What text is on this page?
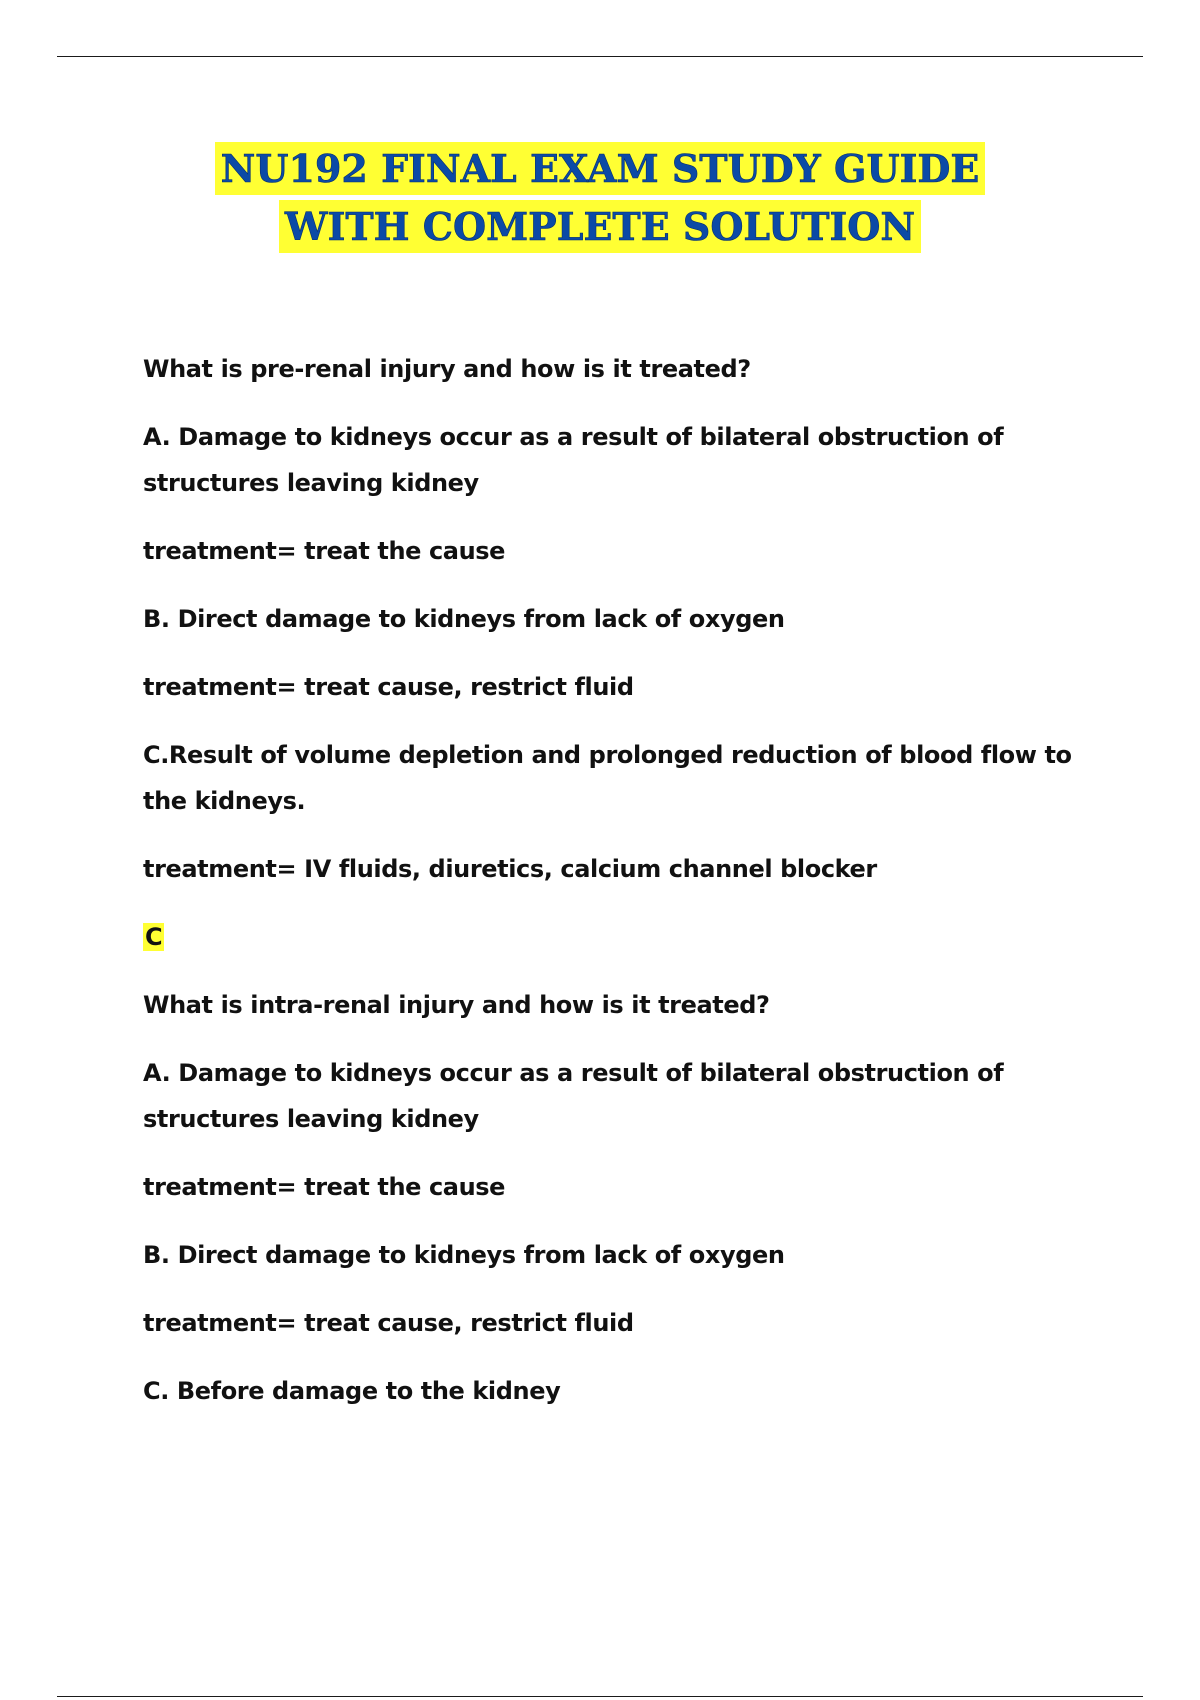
NU192 FINAL EXAM STUDY GUIDE
WITH COMPLETE SOLUTION

What is pre-renal injury and how is it treated?

A. Damage to kidneys occur as a result of bilateral obstruction of structures leaving kidney

treatment= treat the cause

B. Direct damage to kidneys from lack of oxygen

treatment= treat cause, restrict fluid

C.Result of volume depletion and prolonged reduction of blood flow to the kidneys.

treatment= IV fluids, diuretics, calcium channel blocker

C

What is intra-renal injury and how is it treated?

A. Damage to kidneys occur as a result of bilateral obstruction of structures leaving kidney

treatment= treat the cause

B. Direct damage to kidneys from lack of oxygen

treatment= treat cause, restrict fluid

C. Before damage to the kidney
